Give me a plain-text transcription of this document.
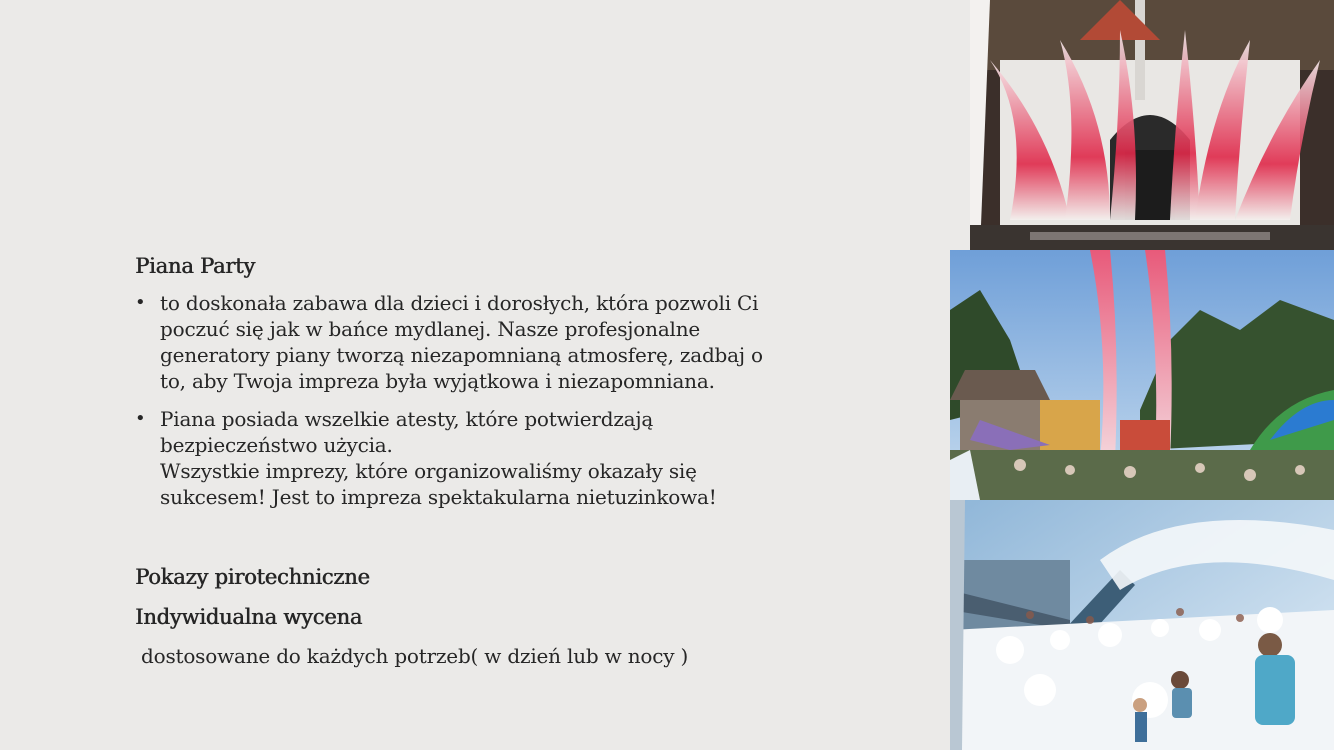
Piana Party

• to doskonała zabawa dla dzieci i dorosłych, która pozwoli Ci
poczuć się jak w bańce mydlanej. Nasze profesjonalne
generatory piany tworzą niezapomnianą atmosferę, zadbaj o
to, aby Twoja impreza była wyjątkowa i niezapomniana.
• Piana posiada wszelkie atesty, które potwierdzają
bezpieczeństwo użycia.
Wszystkie imprezy, które organizowaliśmy okazały się
sukcesem! Jest to impreza spektakularna nietuzinkowa!

Pokazy pirotechniczne

Indywidualna wycena

dostosowane do każdych potrzeb( w dzień lub w nocy )
